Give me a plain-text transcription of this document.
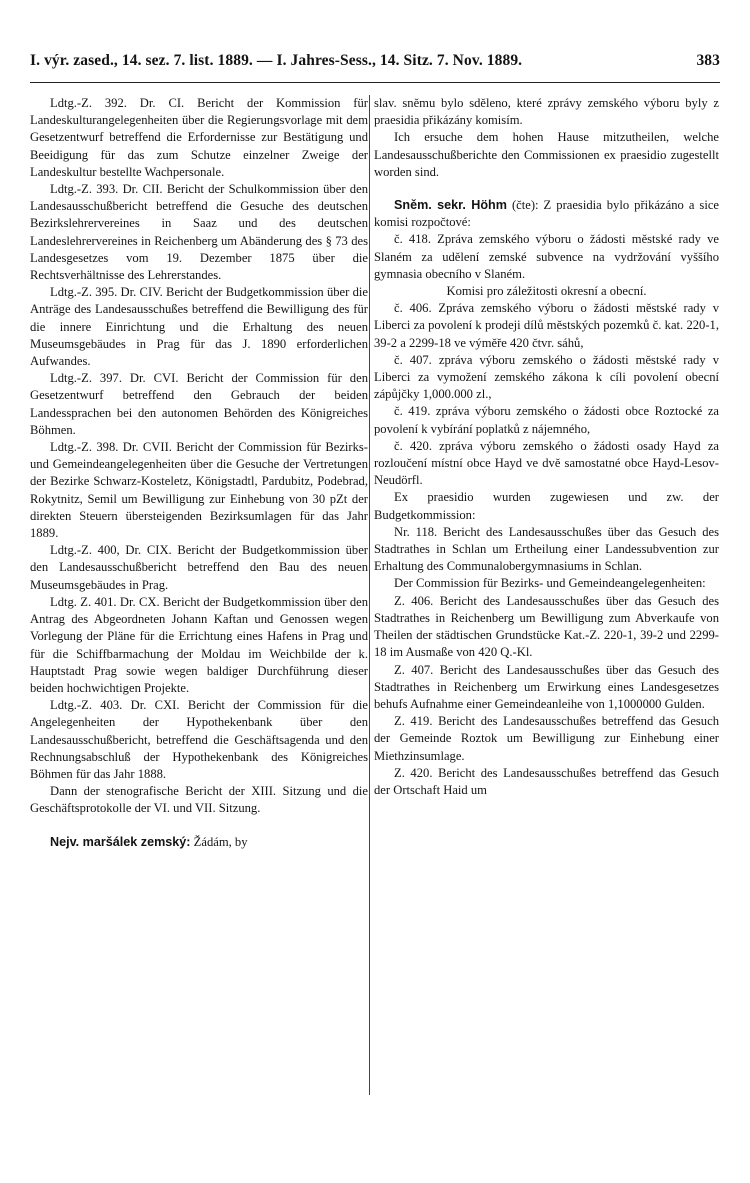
I. výr. zased., 14. sez. 7. list. 1889. — I. Jahres-Sess., 14. Sitz. 7. Nov. 1889.	383

Ldtg.-Z. 392. Dr. CI. Bericht der Kommission für Landeskulturangelegenheiten über die Regierungsvorlage mit dem Gesetzentwurf betreffend die Erfordernisse zur Bestätigung und Beeidigung für das zum Schutze einzelner Zweige der Landeskultur bestellte Wachpersonale.

Ldtg.-Z. 393. Dr. CII. Bericht der Schulkommission über den Landesausschußbericht betreffend die Gesuche des deutschen Bezirkslehrervereines in Saaz und des deutschen Landeslehrervereines in Reichenberg um Abänderung des § 73 des Landesgesetzes vom 19. Dezember 1875 über die Rechtsverhältnisse des Lehrerstandes.

Ldtg.-Z. 395. Dr. CIV. Bericht der Budgetkommission über die Anträge des Landesausschußes betreffend die Bewilligung des für die innere Einrichtung und die Erhaltung des neuen Museumsgebäudes in Prag für das J. 1890 erforderlichen Aufwandes.

Ldtg.-Z. 397. Dr. CVI. Bericht der Commission für den Gesetzentwurf betreffend den Gebrauch der beiden Landessprachen bei den autonomen Behörden des Königreiches Böhmen.

Ldtg.-Z. 398. Dr. CVII. Bericht der Commission für Bezirks- und Gemeindeangelegenheiten über die Gesuche der Vertretungen der Bezirke Schwarz-Kosteletz, Königstadtl, Pardubitz, Podebrad, Rokytnitz, Semil um Bewilligung zur Einhebung von 30 pZt der direkten Steuern übersteigenden Bezirksumlagen für das Jahr 1889.

Ldtg.-Z. 400, Dr. CIX. Bericht der Budgetkommission über den Landesausschußbericht betreffend den Bau des neuen Museumsgebäudes in Prag.

Ldtg. Z. 401. Dr. CX. Bericht der Budgetkommission über den Antrag des Abgeordneten Johann Kaftan und Genossen wegen Vorlegung der Pläne für die Errichtung eines Hafens in Prag und für die Schiffbarmachung der Moldau im Weichbilde der k. Hauptstadt Prag sowie wegen baldiger Durchführung dieser beiden hochwichtigen Projekte.

Ldtg.-Z. 403. Dr. CXI. Bericht der Commission für die Angelegenheiten der Hypothekenbank über den Landesausschußbericht, betreffend die Geschäftsagenda und den Rechnungsabschluß der Hypothekenbank des Königreiches Böhmen für das Jahr 1888.

Dann der stenografische Bericht der XIII. Sitzung und die Geschäftsprotokolle der VI. und VII. Sitzung.

Nejv. maršálek zemský: Žádám, by

slav. sněmu bylo sděleno, které zprávy zemského výboru byly z praesidia přikázány komisím.

Ich ersuche dem hohen Hause mitzutheilen, welche Landesausschußberichte den Commissionen ex praesidio zugestellt worden sind.

Sněm. sekr. Höhm (čte): Z praesidia bylo přikázáno a sice komisi rozpočtové:

č. 418. Zpráva zemského výboru o žádosti městské rady ve Slaném za udělení zemské subvence na vydržování vyššího gymnasia obecního v Slaném.

Komisi pro záležitosti okresní a obecní.

č. 406. Zpráva zemského výboru o žádosti městské rady v Liberci za povolení k prodeji dílů městských pozemků č. kat. 220-1, 39-2 a 2299-18 ve výměře 420 čtvr. sáhů,

č. 407. zpráva výboru zemského o žádosti městské rady v Liberci za vymožení zemského zákona k cíli povolení obecní zápůjčky 1,000.000 zl.,

č. 419. zpráva výboru zemského o žádosti obce Roztocké za povolení k vybírání poplatků z nájemného,

č. 420. zpráva výboru zemského o žádosti osady Hayd za rozloučení místní obce Hayd ve dvě samostatné obce Hayd-Lesov-Neudörfl.

Ex praesidio wurden zugewiesen und zw. der Budgetkommission:

Nr. 118. Bericht des Landesausschußes über das Gesuch des Stadtrathes in Schlan um Ertheilung einer Landessubvention zur Erhaltung des Communalobergymnasiums in Schlan.

Der Commission für Bezirks- und Gemeindeangelegenheiten:

Z. 406. Bericht des Landesausschußes über das Gesuch des Stadtrathes in Reichenberg um Bewilligung zum Abverkaufe von Theilen der städtischen Grundstücke Kat.-Z. 220-1, 39-2 und 2299-18 im Ausmaße von 420 Q.-Kl.

Z. 407. Bericht des Landesausschußes über das Gesuch des Stadtrathes in Reichenberg um Erwirkung eines Landesgesetzes behufs Aufnahme einer Gemeindeanleihe von 1,1000000 Gulden.

Z. 419. Bericht des Landesausschußes betreffend das Gesuch der Gemeinde Roztok um Bewilligung zur Einhebung einer Miethzinsumlage.

Z. 420. Bericht des Landesausschußes betreffend das Gesuch der Ortschaft Haid um
